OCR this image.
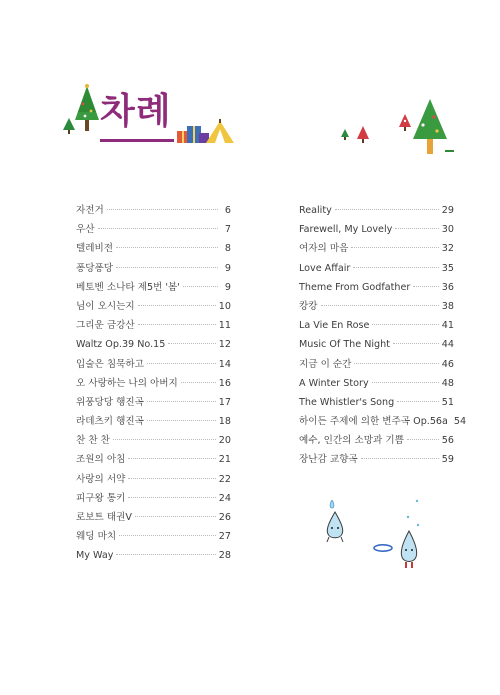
차례
자전거	6
우산	7
텔레비전	8
퐁당퐁당	9
베토벤 소나타 제5번 '봄'	9
님이 오시는지	10
그리운 금강산	11
Waltz Op.39 No.15	12
입술은 침묵하고	14
오 사랑하는 나의 아버지	16
위풍당당 행진곡	17
라데츠키 행진곡	18
찬 찬 찬	20
조원의 아침	21
사랑의 서약	22
피구왕 통키	24
로보트 태권V	26
웨딩 마치	27
My Way	28
Reality	29
Farewell, My Lovely	30
여자의 마음	32
Love Affair	35
Theme From Godfather	36
캉캉	38
La Vie En Rose	41
Music Of The Night	44
지금 이 순간	46
A Winter Story	48
The Whistler's Song	51
하이든 주제에 의한 변주곡 Op.56a 54
예수, 인간의 소망과 기쁨	56
장난감 교향곡	59
